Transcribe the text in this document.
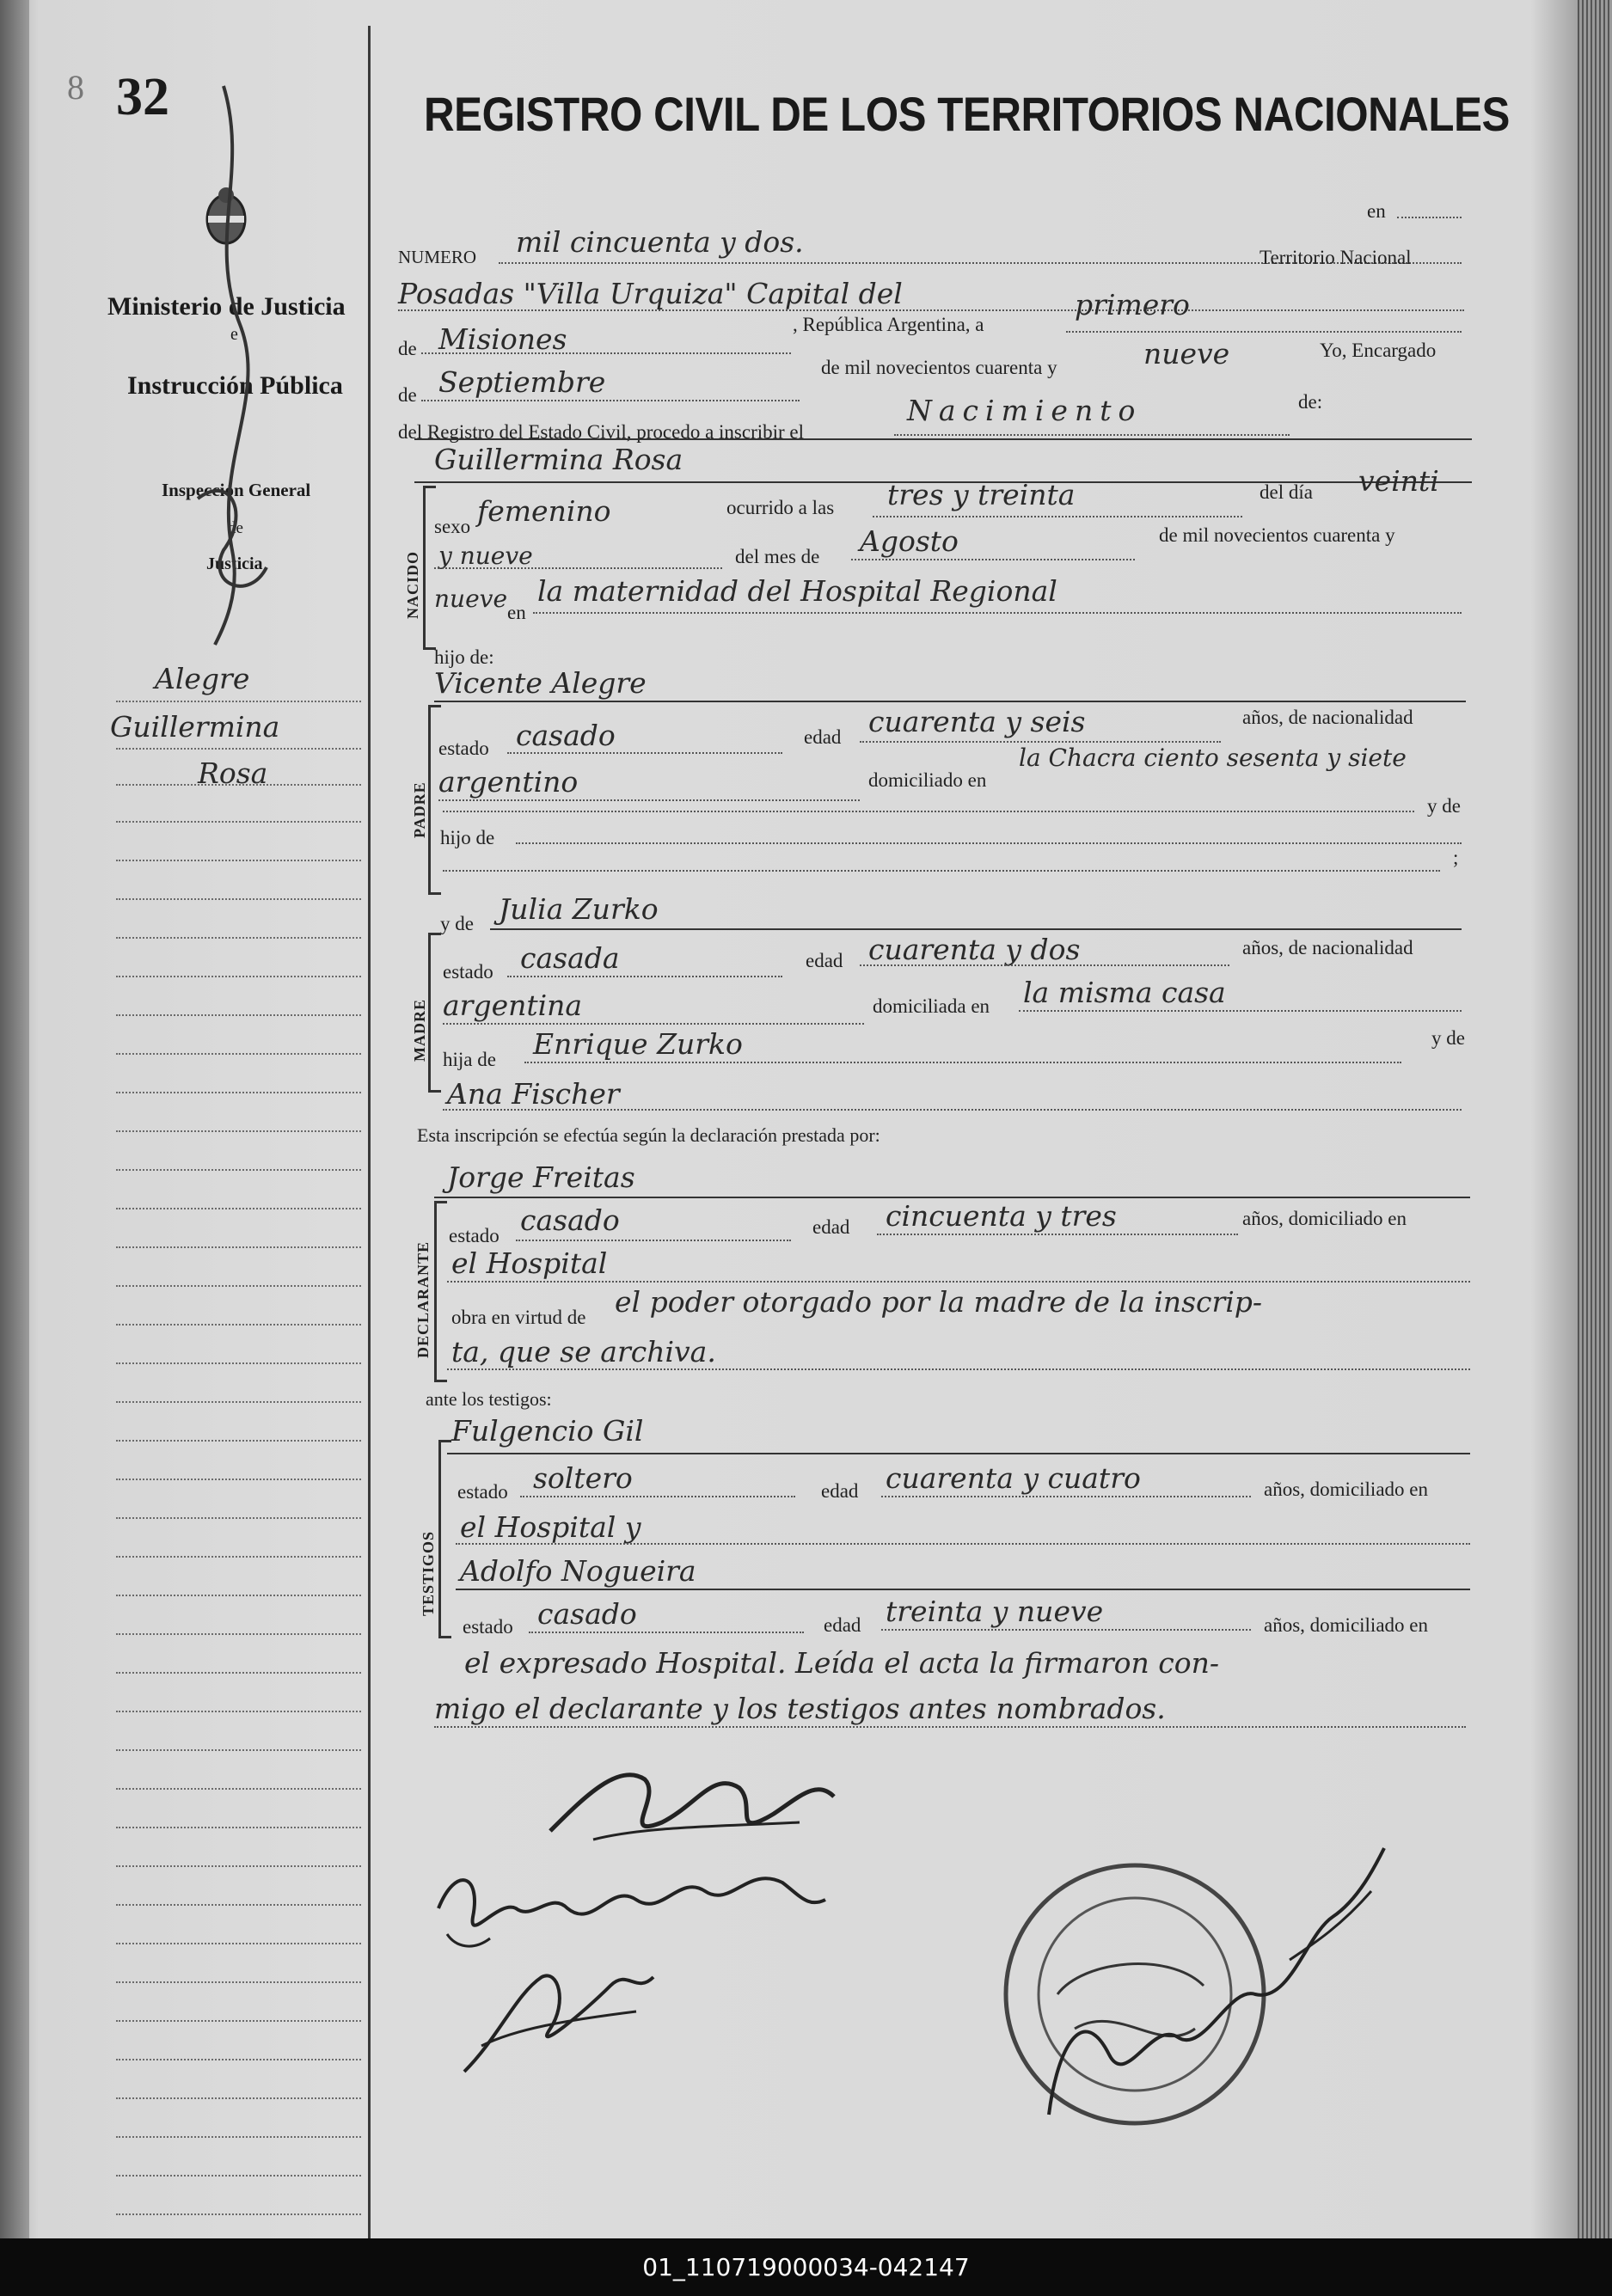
8 32
Ministerio de Justicia
e
Instrucción Pública
Inspección General
de
Justicia
Alegre
Guillermina
Rosa
REGISTRO CIVIL DE LOS TERRITORIOS NACIONALES
en
NUMERO mil cincuenta y dos.
Posadas "Villa Urquiza" Capital del
Territorio Nacional
de Misiones	, República Argentina, a
primero
de Septiembre	de mil novecientos cuarenta y	nueve	Yo, Encargado
del Registro del Estado Civil, procedo a inscribir el
Nacimiento	de:
Guillermina Rosa
NACIDO
sexo femenino	ocurrido a las tres y treinta	del día veinti
y nueve	del mes de Agosto	de mil novecientos cuarenta y
nueve en
la maternidad del Hospital Regional
hijo de:
Vicente Alegre
PADRE
estado casado	edad cuarenta y seis	años, de nacionalidad
argentino	domiciliado en
la Chacra ciento sesenta y siete
y de
hijo de
;
y de Julia Zurko
MADRE
estado casada	edad cuarenta y dos	años, de nacionalidad
argentina	domiciliada en la misma casa
hija de Enrique Zurko	y de
Ana Fischer
Esta inscripción se efectúa según la declaración prestada por:
Jorge Freitas
DECLARANTE
estado casado	edad cincuenta y tres	años, domiciliado en
el Hospital
obra en virtud de el poder otorgado por la madre de la inscrip-
ta, que se archiva.
ante los testigos:
Fulgencio Gil
TESTIGOS
estado soltero	edad cuarenta y cuatro	años, domiciliado en
el Hospital y
Adolfo Nogueira
estado casado	edad treinta y nueve	años, domiciliado en
el expresado Hospital. Leída el acta la firmaron con-
migo el declarante y los testigos antes nombrados.
01_110719000034-042147
